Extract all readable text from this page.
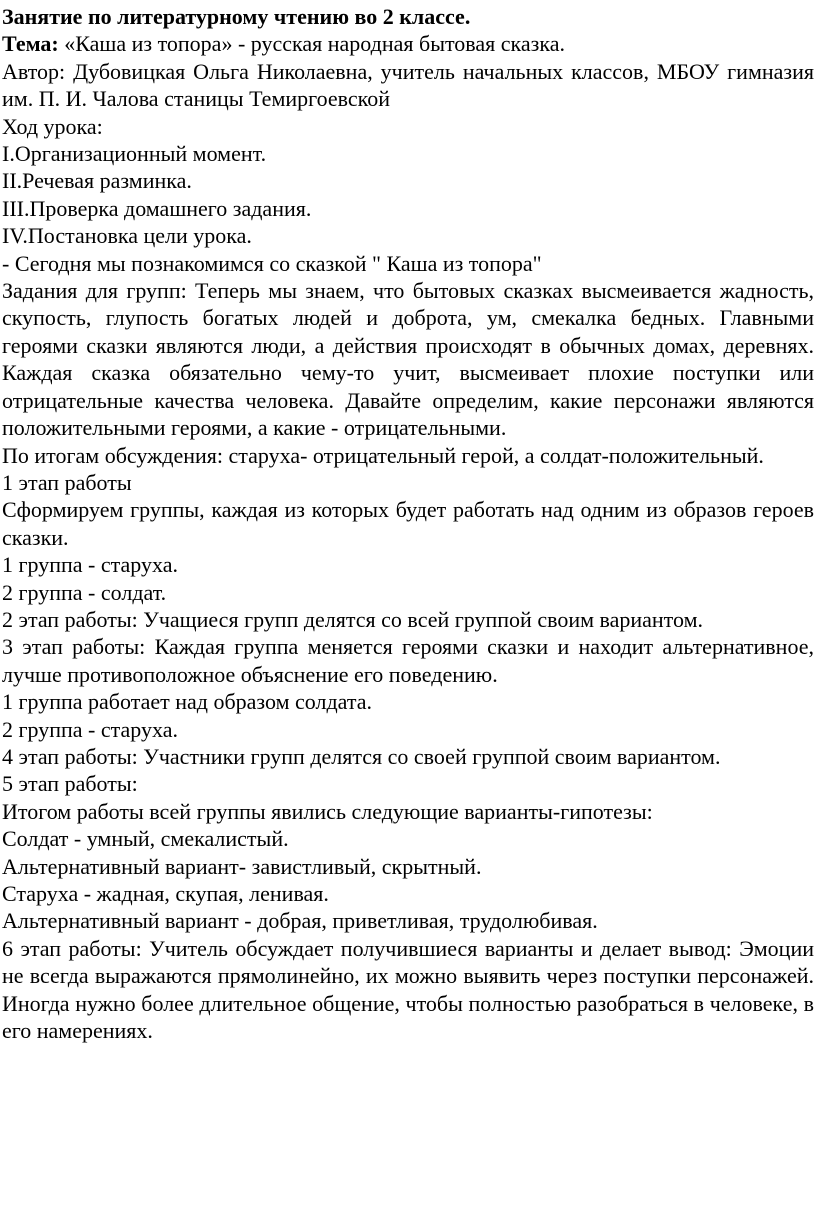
Занятие по литературному чтению во 2 классе.

Тема: «Каша из топора» - русская народная бытовая сказка.

Автор: Дубовицкая Ольга Николаевна, учитель начальных классов, МБОУ гимназия им. П. И. Чалова станицы Темиргоевской

Ход урока:

I.Организационный момент.

II.Речевая разминка.

III.Проверка домашнего задания.

IV.Постановка цели урока.

- Сегодня мы познакомимся со сказкой " Каша из топора"

Задания для групп: Теперь мы знаем, что бытовых сказках высмеивается жадность, скупость, глупость богатых людей и доброта, ум, смекалка бедных. Главными героями сказки являются люди, а действия происходят в обычных домах, деревнях. Каждая сказка обязательно чему-то учит, высмеивает плохие поступки или отрицательные качества человека. Давайте определим, какие персонажи являются положительными героями, а какие - отрицательными.

По итогам обсуждения: старуха- отрицательный герой, а солдат-положительный.

1 этап работы

Сформируем группы, каждая из которых будет работать над одним из образов героев сказки.

1 группа - старуха.

2 группа - солдат.

2 этап работы: Учащиеся групп делятся со всей группой своим вариантом.

3 этап работы: Каждая группа меняется героями сказки и находит альтернативное, лучше противоположное объяснение его поведению.

1 группа работает над образом солдата.

2 группа - старуха.

4 этап работы: Участники групп делятся со своей группой своим вариантом.

5 этап работы:

Итогом работы всей группы явились следующие варианты-гипотезы:

Солдат - умный, смекалистый.

Альтернативный вариант- завистливый, скрытный.

Старуха - жадная, скупая, ленивая.

Альтернативный вариант - добрая, приветливая, трудолюбивая.

6 этап работы: Учитель обсуждает получившиеся варианты и делает вывод: Эмоции не всегда выражаются прямолинейно, их можно выявить через поступки персонажей. Иногда нужно более длительное общение, чтобы полностью разобраться в человеке, в его намерениях.
